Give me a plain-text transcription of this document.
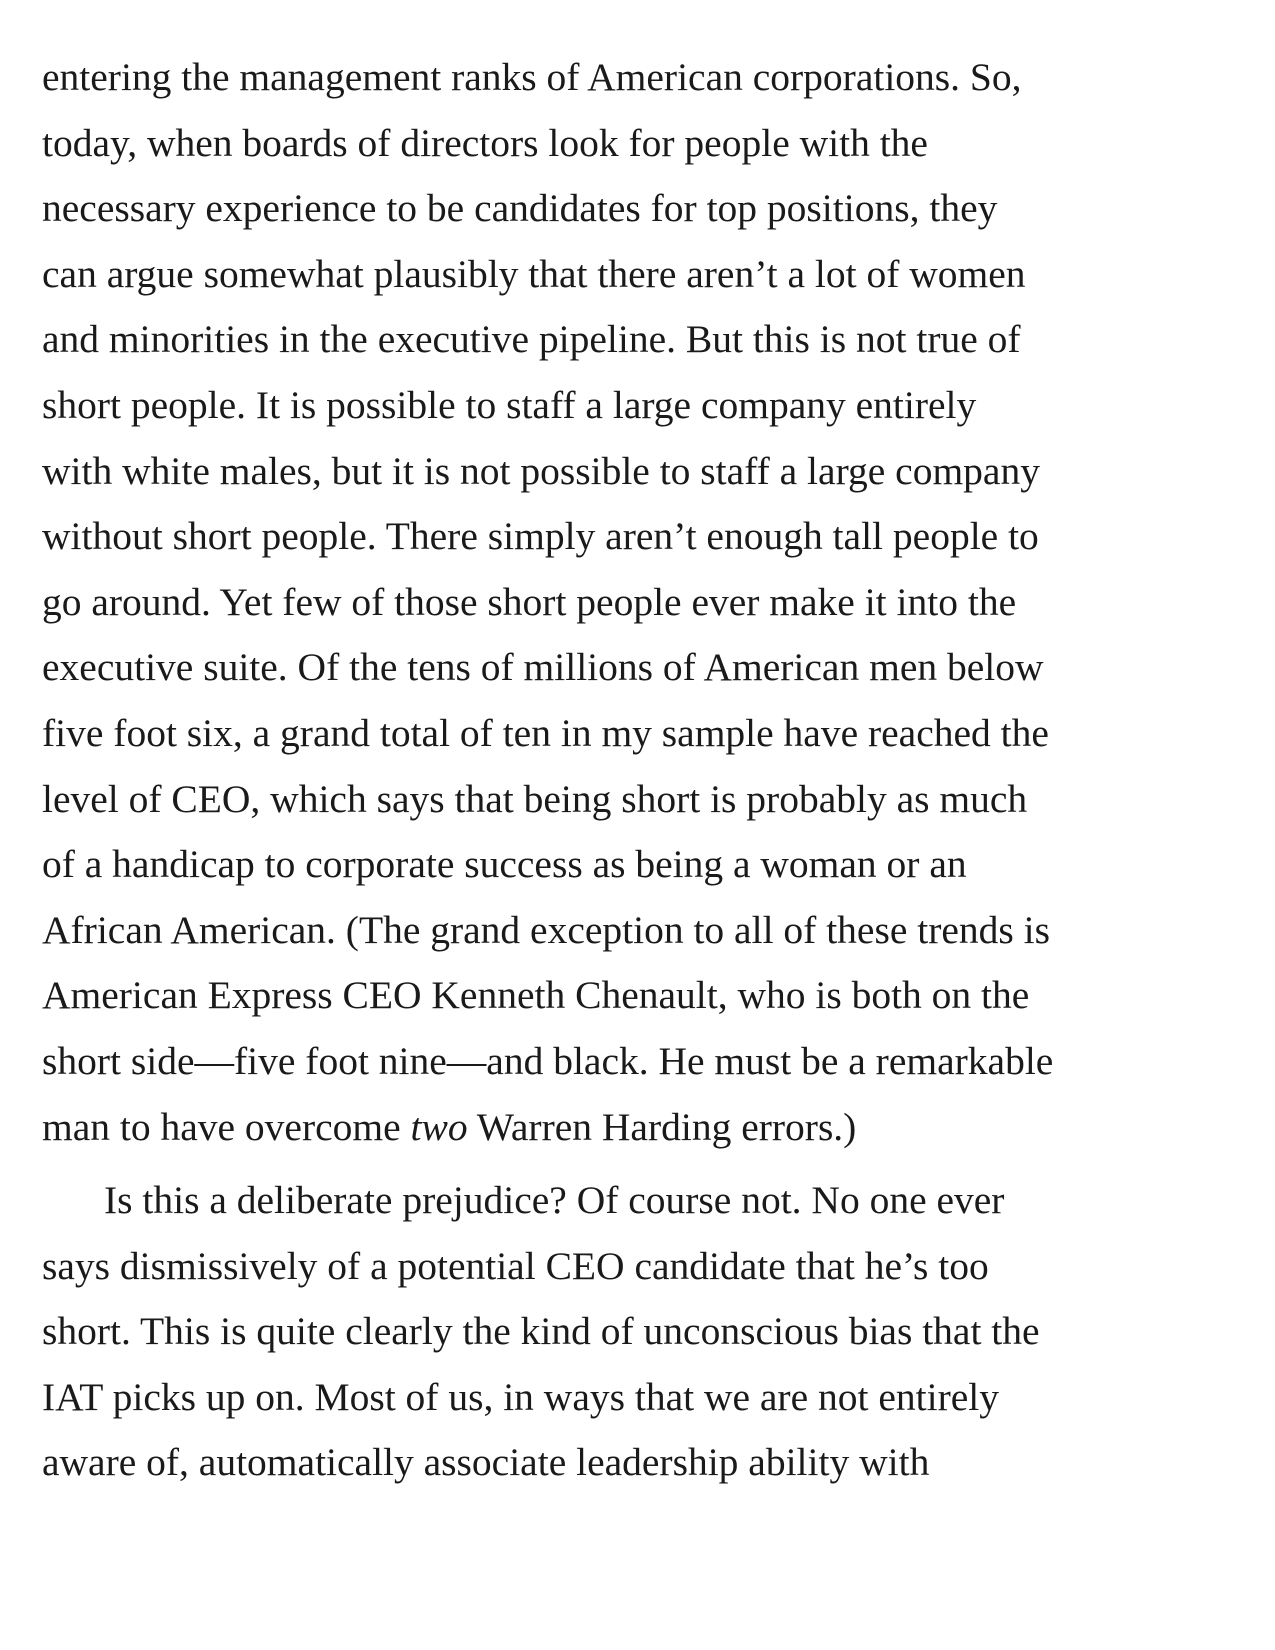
entering the management ranks of American corporations. So,
today, when boards of directors look for people with the
necessary experience to be candidates for top positions, they
can argue somewhat plausibly that there aren’t a lot of women
and minorities in the executive pipeline. But this is not true of
short people. It is possible to staff a large company entirely
with white males, but it is not possible to staff a large company
without short people. There simply aren’t enough tall people to
go around. Yet few of those short people ever make it into the
executive suite. Of the tens of millions of American men below
five foot six, a grand total of ten in my sample have reached the
level of CEO, which says that being short is probably as much
of a handicap to corporate success as being a woman or an
African American. (The grand exception to all of these trends is
American Express CEO Kenneth Chenault, who is both on the
short side—five foot nine—and black. He must be a remarkable
man to have overcome two Warren Harding errors.)
Is this a deliberate prejudice? Of course not. No one ever
says dismissively of a potential CEO candidate that he’s too
short. This is quite clearly the kind of unconscious bias that the
IAT picks up on. Most of us, in ways that we are not entirely
aware of, automatically associate leadership ability with
